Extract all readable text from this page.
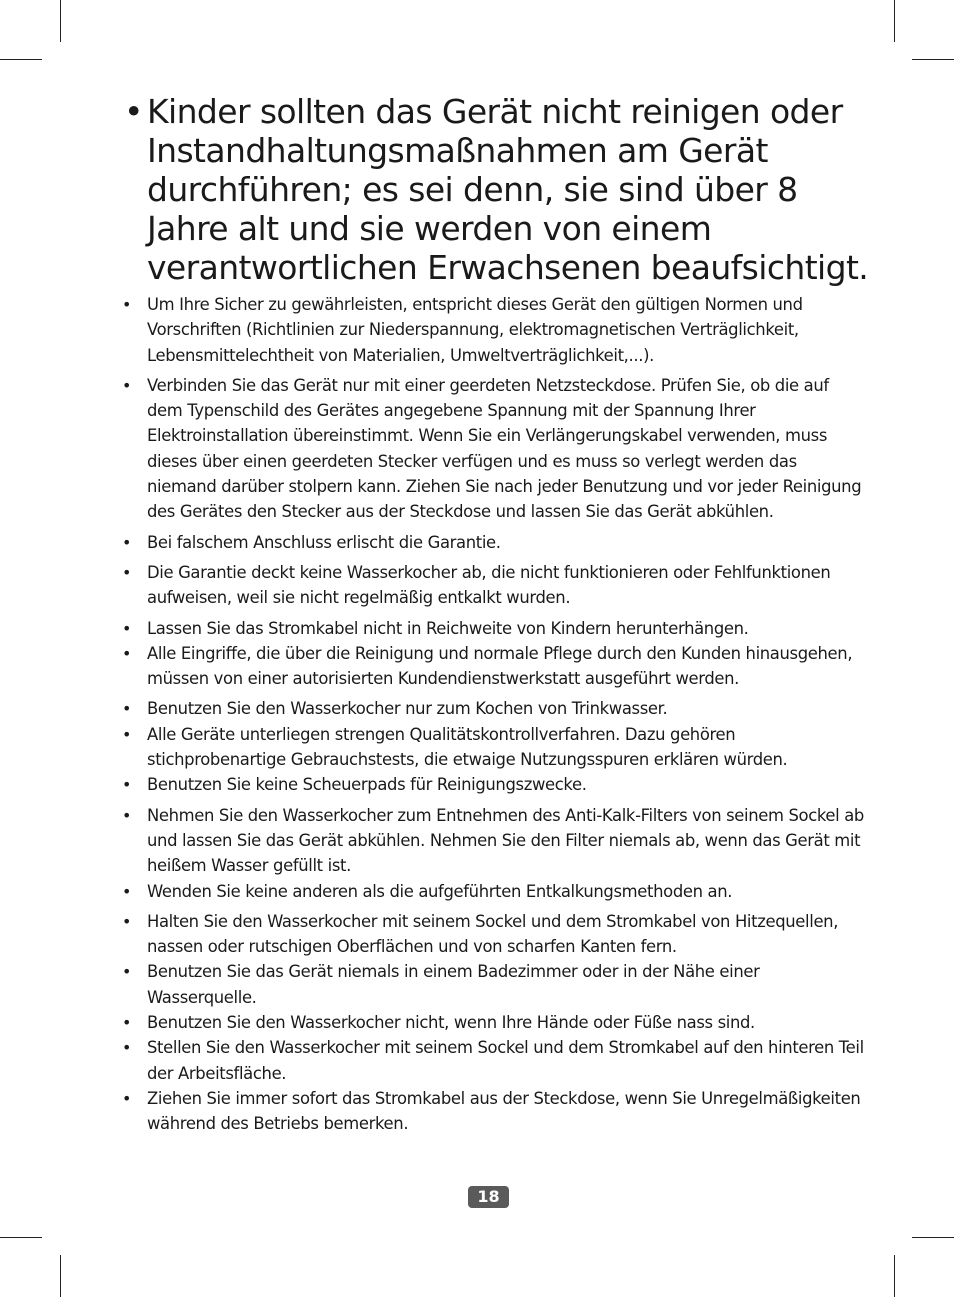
• Kinder sollten das Gerät nicht reinigen oder Instandhaltungsmaßnahmen am Gerät durchführen; es sei denn, sie sind über 8 Jahre alt und sie werden von einem verantwortlichen Erwachsenen beaufsichtigt.
• Um Ihre Sicher zu gewährleisten, entspricht dieses Gerät den gültigen Normen und Vorschriften (Richtlinien zur Niederspannung, elektromagnetischen Verträglichkeit, Lebensmittelechtheit von Materialien, Umweltverträglichkeit,...).
• Verbinden Sie das Gerät nur mit einer geerdeten Netzsteckdose. Prüfen Sie, ob die auf dem Typenschild des Gerätes angegebene Spannung mit der Spannung Ihrer Elektroinstallation übereinstimmt. Wenn Sie ein Verlängerungskabel verwenden, muss dieses über einen geerdeten Stecker verfügen und es muss so verlegt werden das niemand darüber stolpern kann. Ziehen Sie nach jeder Benutzung und vor jeder Reinigung des Gerätes den Stecker aus der Steckdose und lassen Sie das Gerät abkühlen.
• Bei falschem Anschluss erlischt die Garantie.
• Die Garantie deckt keine Wasserkocher ab, die nicht funktionieren oder Fehlfunktionen aufweisen, weil sie nicht regelmäßig entkalkt wurden.
• Lassen Sie das Stromkabel nicht in Reichweite von Kindern herunterhängen.
• Alle Eingriffe, die über die Reinigung und normale Pflege durch den Kunden hinausgehen, müssen von einer autorisierten Kundendienstwerkstatt ausgeführt werden.
• Benutzen Sie den Wasserkocher nur zum Kochen von Trinkwasser.
• Alle Geräte unterliegen strengen Qualitätskontrollverfahren. Dazu gehören stichprobenartige Gebrauchstests, die etwaige Nutzungsspuren erklären würden.
• Benutzen Sie keine Scheuerpads für Reinigungszwecke.
• Nehmen Sie den Wasserkocher zum Entnehmen des Anti-Kalk-Filters von seinem Sockel ab und lassen Sie das Gerät abkühlen. Nehmen Sie den Filter niemals ab, wenn das Gerät mit heißem Wasser gefüllt ist.
• Wenden Sie keine anderen als die aufgeführten Entkalkungsmethoden an.
• Halten Sie den Wasserkocher mit seinem Sockel und dem Stromkabel von Hitzequellen, nassen oder rutschigen Oberflächen und von scharfen Kanten fern.
• Benutzen Sie das Gerät niemals in einem Badezimmer oder in der Nähe einer Wasserquelle.
• Benutzen Sie den Wasserkocher nicht, wenn Ihre Hände oder Füße nass sind.
• Stellen Sie den Wasserkocher mit seinem Sockel und dem Stromkabel auf den hinteren Teil der Arbeitsfläche.
• Ziehen Sie immer sofort das Stromkabel aus der Steckdose, wenn Sie Unregelmäßigkeiten während des Betriebs bemerken.
18
